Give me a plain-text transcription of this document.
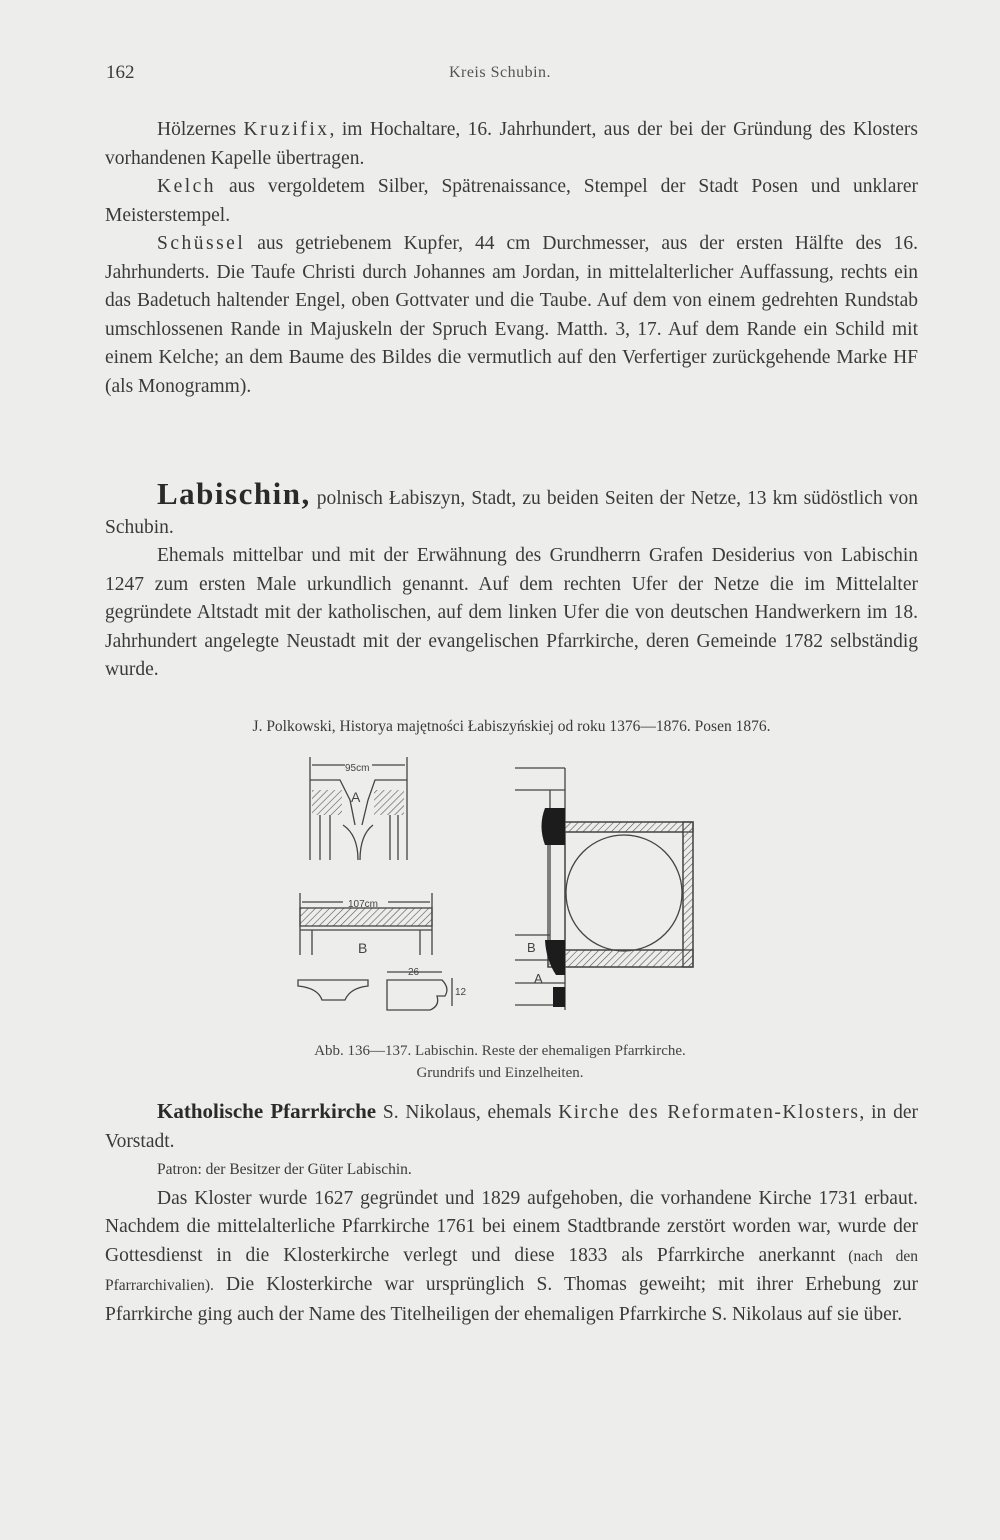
162	Kreis Schubin.

Hölzernes Kruzifix, im Hochaltare, 16. Jahrhundert, aus der bei der Gründung des Klosters vorhandenen Kapelle übertragen.

Kelch aus vergoldetem Silber, Spätrenaissance, Stempel der Stadt Posen und unklarer Meisterstempel.

Schüssel aus getriebenem Kupfer, 44 cm Durchmesser, aus der ersten Hälfte des 16. Jahrhunderts. Die Taufe Christi durch Johannes am Jordan, in mittelalterlicher Auffassung, rechts ein das Badetuch haltender Engel, oben Gottvater und die Taube. Auf dem von einem gedrehten Rundstab umschlossenen Rande in Majuskeln der Spruch Evang. Matth. 3, 17. Auf dem Rande ein Schild mit einem Kelche; an dem Baume des Bildes die vermutlich auf den Verfertiger zurückgehende Marke HF (als Monogramm).

Labischin, polnisch Łabiszyn, Stadt, zu beiden Seiten der Netze, 13 km südöstlich von Schubin.

Ehemals mittelbar und mit der Erwähnung des Grundherrn Grafen Desiderius von Labischin 1247 zum ersten Male urkundlich genannt. Auf dem rechten Ufer der Netze die im Mittelalter gegründete Altstadt mit der katholischen, auf dem linken Ufer die von deutschen Handwerkern im 18. Jahrhundert angelegte Neustadt mit der evangelischen Pfarrkirche, deren Gemeinde 1782 selbständig wurde.

J. Polkowski, Historya majętności Łabiszyńskiej od roku 1376—1876. Posen 1876.
95cm
A
107cm
B
26
12
B
A
Abb. 136—137. Labischin. Reste der ehemaligen Pfarrkirche.
Grundrifs und Einzelheiten.

Katholische Pfarrkirche S. Nikolaus, ehemals Kirche des Reformaten-Klosters, in der Vorstadt.

Patron: der Besitzer der Güter Labischin.

Das Kloster wurde 1627 gegründet und 1829 aufgehoben, die vorhandene Kirche 1731 erbaut. Nachdem die mittelalterliche Pfarrkirche 1761 bei einem Stadtbrande zerstört worden war, wurde der Gottesdienst in die Klosterkirche verlegt und diese 1833 als Pfarrkirche anerkannt (nach den Pfarrarchivalien). Die Klosterkirche war ursprünglich S. Thomas geweiht; mit ihrer Erhebung zur Pfarrkirche ging auch der Name des Titelheiligen der ehemaligen Pfarrkirche S. Nikolaus auf sie über.
